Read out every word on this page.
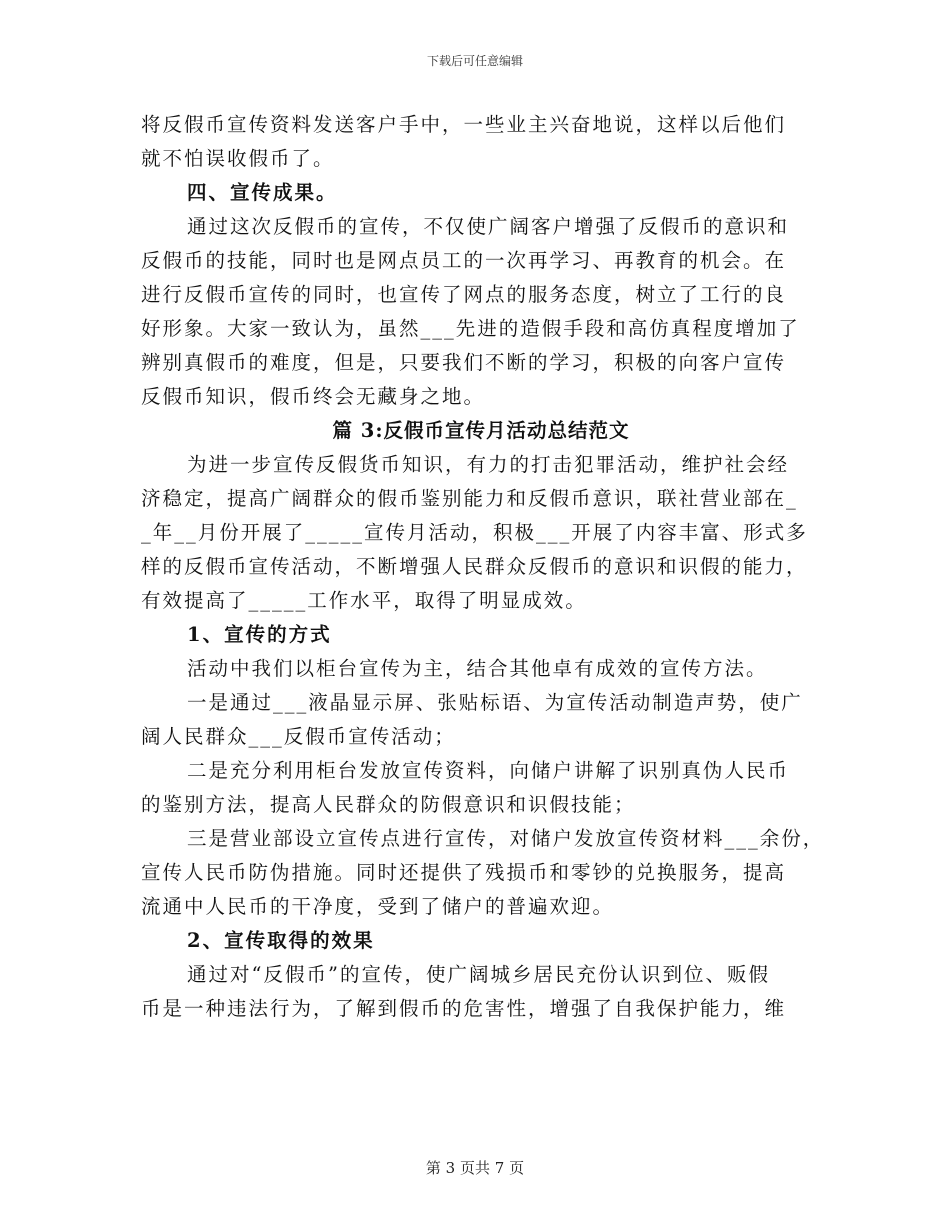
下载后可任意编辑
将反假币宣传资料发送客户手中，一些业主兴奋地说，这样以后他们
就不怕误收假币了。
四、宣传成果。
通过这次反假币的宣传，不仅使广阔客户增强了反假币的意识和
反假币的技能，同时也是网点员工的一次再学习、再教育的机会。在
进行反假币宣传的同时，也宣传了网点的服务态度，树立了工行的良
好形象。大家一致认为，虽然___先进的造假手段和高仿真程度增加了
辨别真假币的难度，但是，只要我们不断的学习，积极的向客户宣传
反假币知识，假币终会无藏身之地。
篇 3:反假币宣传月活动总结范文
为进一步宣传反假货币知识，有力的打击犯罪活动，维护社会经
济稳定，提高广阔群众的假币鉴别能力和反假币意识，联社营业部在_
_年__月份开展了_____宣传月活动，积极___开展了内容丰富、形式多
样的反假币宣传活动，不断增强人民群众反假币的意识和识假的能力，
有效提高了_____工作水平，取得了明显成效。
1、宣传的方式
活动中我们以柜台宣传为主，结合其他卓有成效的宣传方法。
一是通过___液晶显示屏、张贴标语、为宣传活动制造声势，使广
阔人民群众___反假币宣传活动；
二是充分利用柜台发放宣传资料，向储户讲解了识别真伪人民币
的鉴别方法，提高人民群众的防假意识和识假技能；
三是营业部设立宣传点进行宣传，对储户发放宣传资材料___余份，
宣传人民币防伪措施。同时还提供了残损币和零钞的兑换服务，提高
流通中人民币的干净度，受到了储户的普遍欢迎。
2、宣传取得的效果
通过对“反假币”的宣传，使广阔城乡居民充份认识到位、贩假
币是一种违法行为，了解到假币的危害性，增强了自我保护能力，维
第 3 页共 7 页
